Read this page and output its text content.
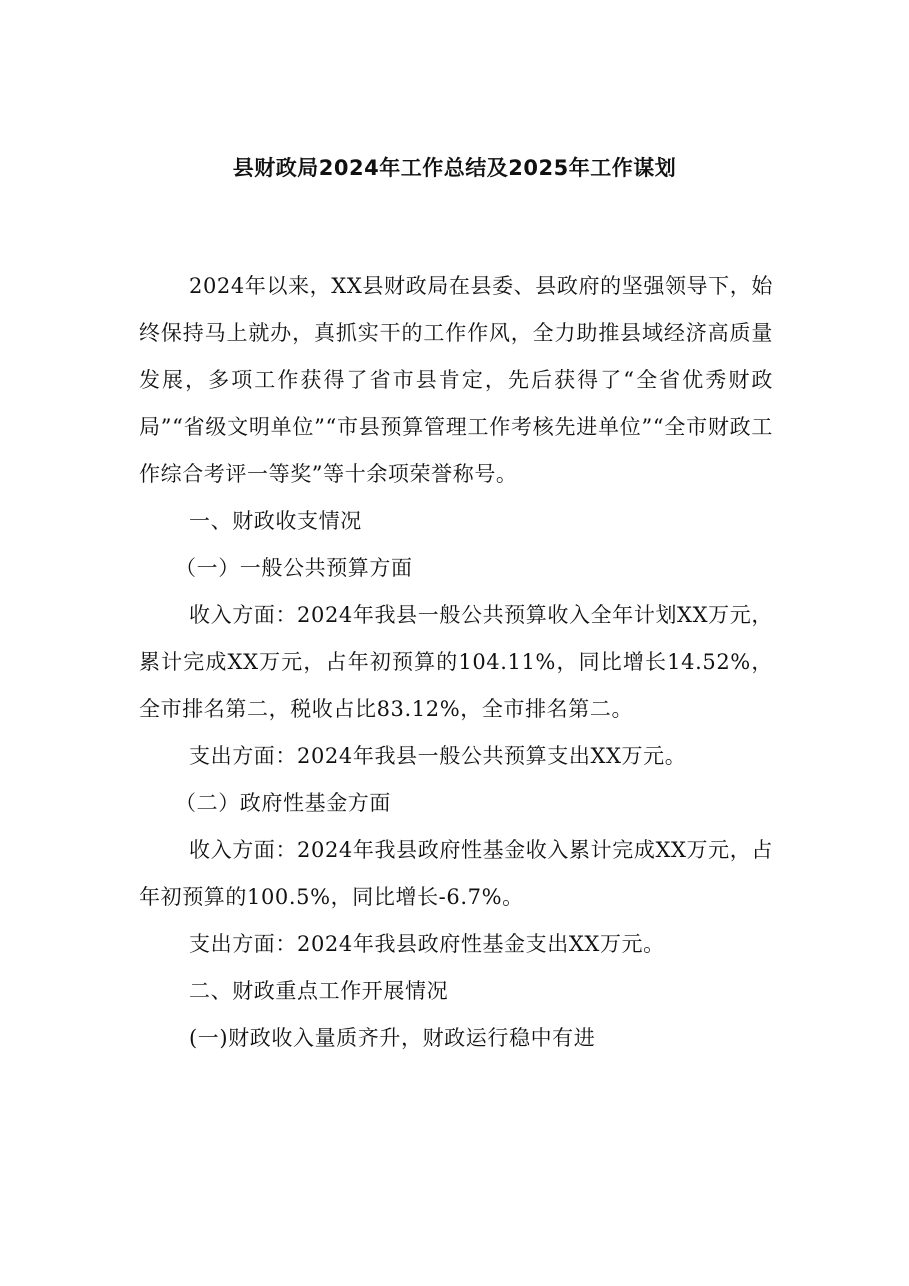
县财政局2024年工作总结及2025年工作谋划

2024年以来，XX县财政局在县委、县政府的坚强领导下，始终保持马上就办，真抓实干的工作作风，全力助推县域经济高质量发展，多项工作获得了省市县肯定，先后获得了“全省优秀财政局”“省级文明单位”“市县预算管理工作考核先进单位”“全市财政工作综合考评一等奖”等十余项荣誉称号。

一、财政收支情况

（一）一般公共预算方面

收入方面：2024年我县一般公共预算收入全年计划XX万元，累计完成XX万元，占年初预算的104.11%，同比增长14.52%，全市排名第二，税收占比83.12%，全市排名第二。

支出方面：2024年我县一般公共预算支出XX万元。

（二）政府性基金方面

收入方面：2024年我县政府性基金收入累计完成XX万元，占年初预算的100.5%，同比增长-6.7%。

支出方面：2024年我县政府性基金支出XX万元。

二、财政重点工作开展情况

(一)财政收入量质齐升，财政运行稳中有进
